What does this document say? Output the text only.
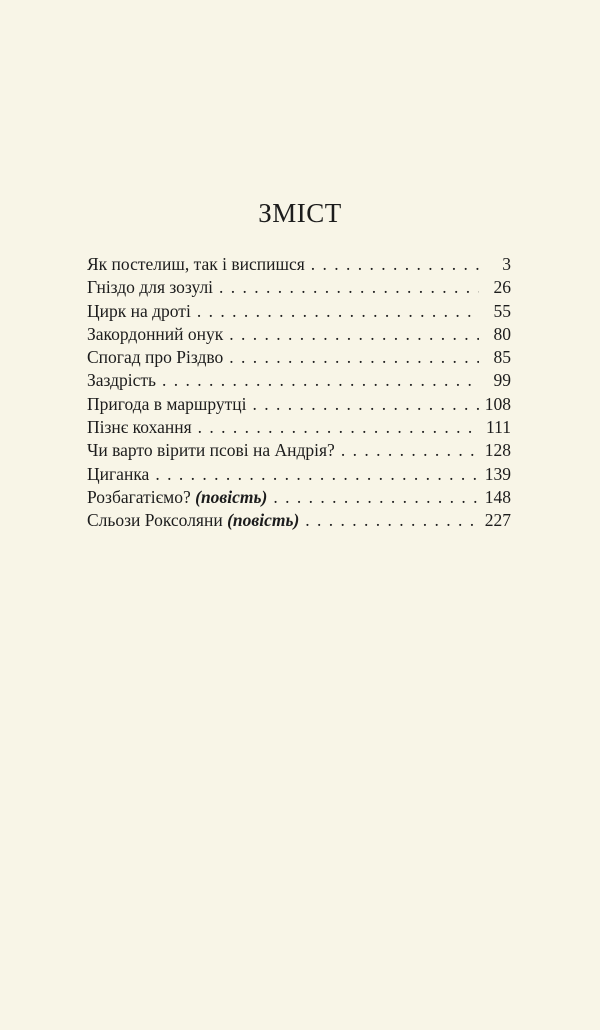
ЗМІСТ
Як постелиш, так і виспишся . . .	3
Гніздо для зозулі . . .	26
Цирк на дроті . . .	55
Закордонний онук . . .	80
Спогад про Різдво . . .	85
Заздрість . . .	99
Пригода в маршрутці . . .	108
Пізнє кохання . . .	111
Чи варто вірити псові на Андрія? . . .	128
Циганка . . .	139
Розбагатіємо? (повість) . . .	148
Сльози Роксоляни (повість) . . .	227
